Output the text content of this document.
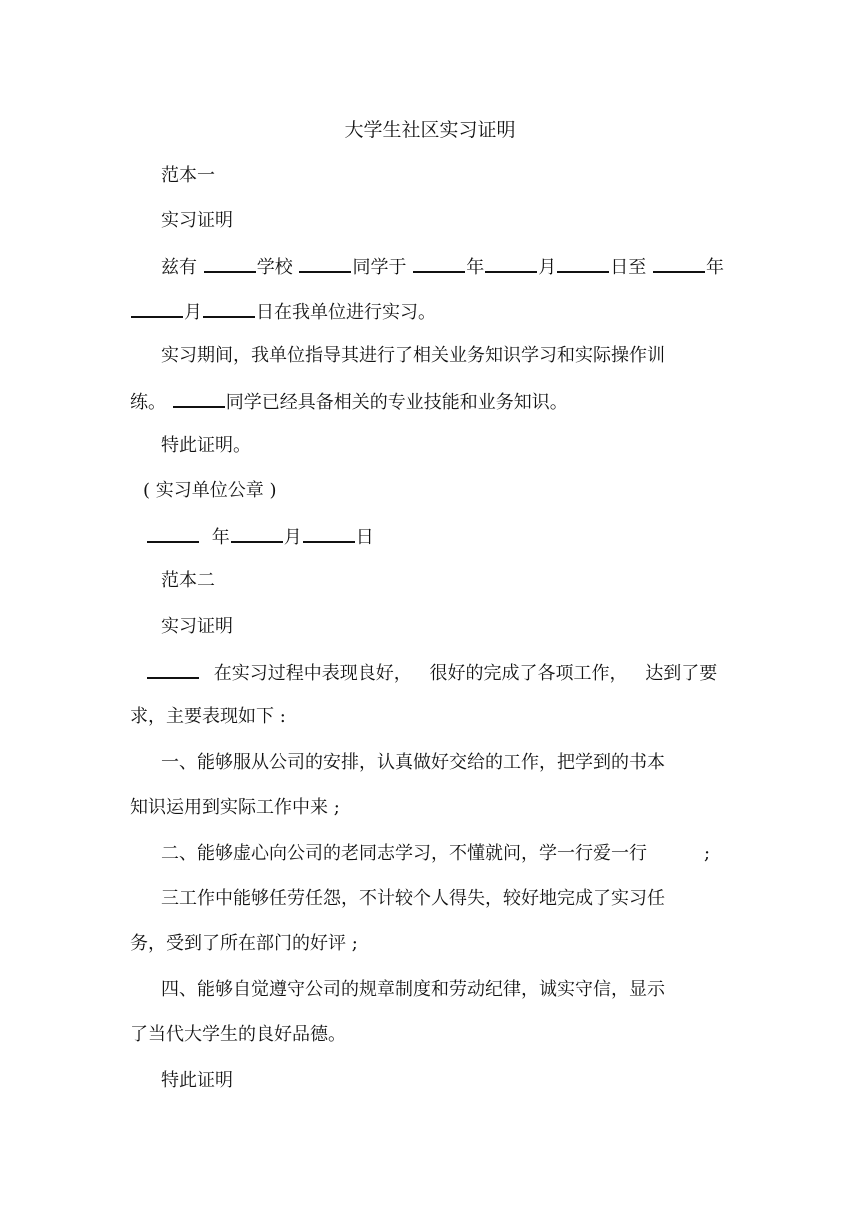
大学生社区实习证明
范本一
实习证明
兹有	学校	同学于	年	月	日至	年
月	日在我单位进行实习。
实习期间，我单位指导其进行了相关业务知识学习和实际操作训
练。	同学已经具备相关的专业技能和业务知识。
特此证明。
( 实习单位公章 )
年	月	日
范本二
实习证明
在实习过程中表现良好， 很好的完成了各项工作， 达到了要
求，主要表现如下 :
一、能够服从公司的安排，认真做好交给的工作，把学到的书本
知识运用到实际工作中来 ;
二、能够虚心向公司的老同志学习，不懂就问，学一行爱一行	;
三工作中能够任劳任怨，不计较个人得失，较好地完成了实习任
务，受到了所在部门的好评 ;
四、能够自觉遵守公司的规章制度和劳动纪律，诚实守信，显示
了当代大学生的良好品德。
特此证明
